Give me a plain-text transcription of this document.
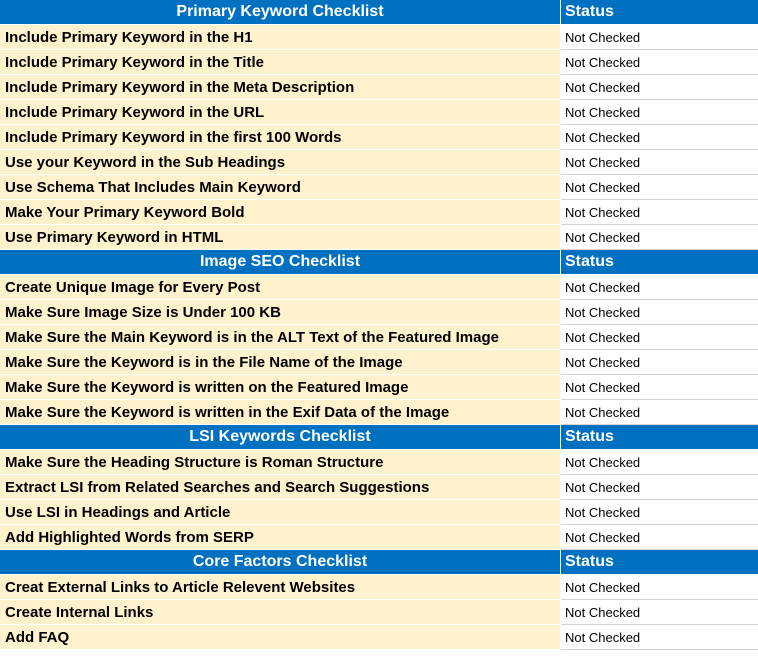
Primary Keyword Checklist	Status
Include Primary Keyword in the H1	Not Checked
Include Primary Keyword in the Title	Not Checked
Include Primary Keyword in the Meta Description	Not Checked
Include Primary Keyword in the URL	Not Checked
Include Primary Keyword in the first 100 Words	Not Checked
Use your Keyword in the Sub Headings	Not Checked
Use Schema That Includes Main Keyword	Not Checked
Make Your Primary Keyword Bold	Not Checked
Use Primary Keyword in HTML	Not Checked
Image SEO Checklist	Status
Create Unique Image for Every Post	Not Checked
Make Sure Image Size is Under 100 KB	Not Checked
Make Sure the Main Keyword is in the ALT Text of the Featured Image	Not Checked
Make Sure the Keyword is in the File Name of the Image	Not Checked
Make Sure the Keyword is written on the Featured Image	Not Checked
Make Sure the Keyword is written in the Exif Data of the Image	Not Checked
LSI Keywords Checklist	Status
Make Sure the Heading Structure is Roman Structure	Not Checked
Extract LSI from Related Searches and Search Suggestions	Not Checked
Use LSI in Headings and Article	Not Checked
Add Highlighted Words from SERP	Not Checked
Core Factors Checklist	Status
Creat External Links to Article Relevent Websites	Not Checked
Create Internal Links	Not Checked
Add FAQ	Not Checked
